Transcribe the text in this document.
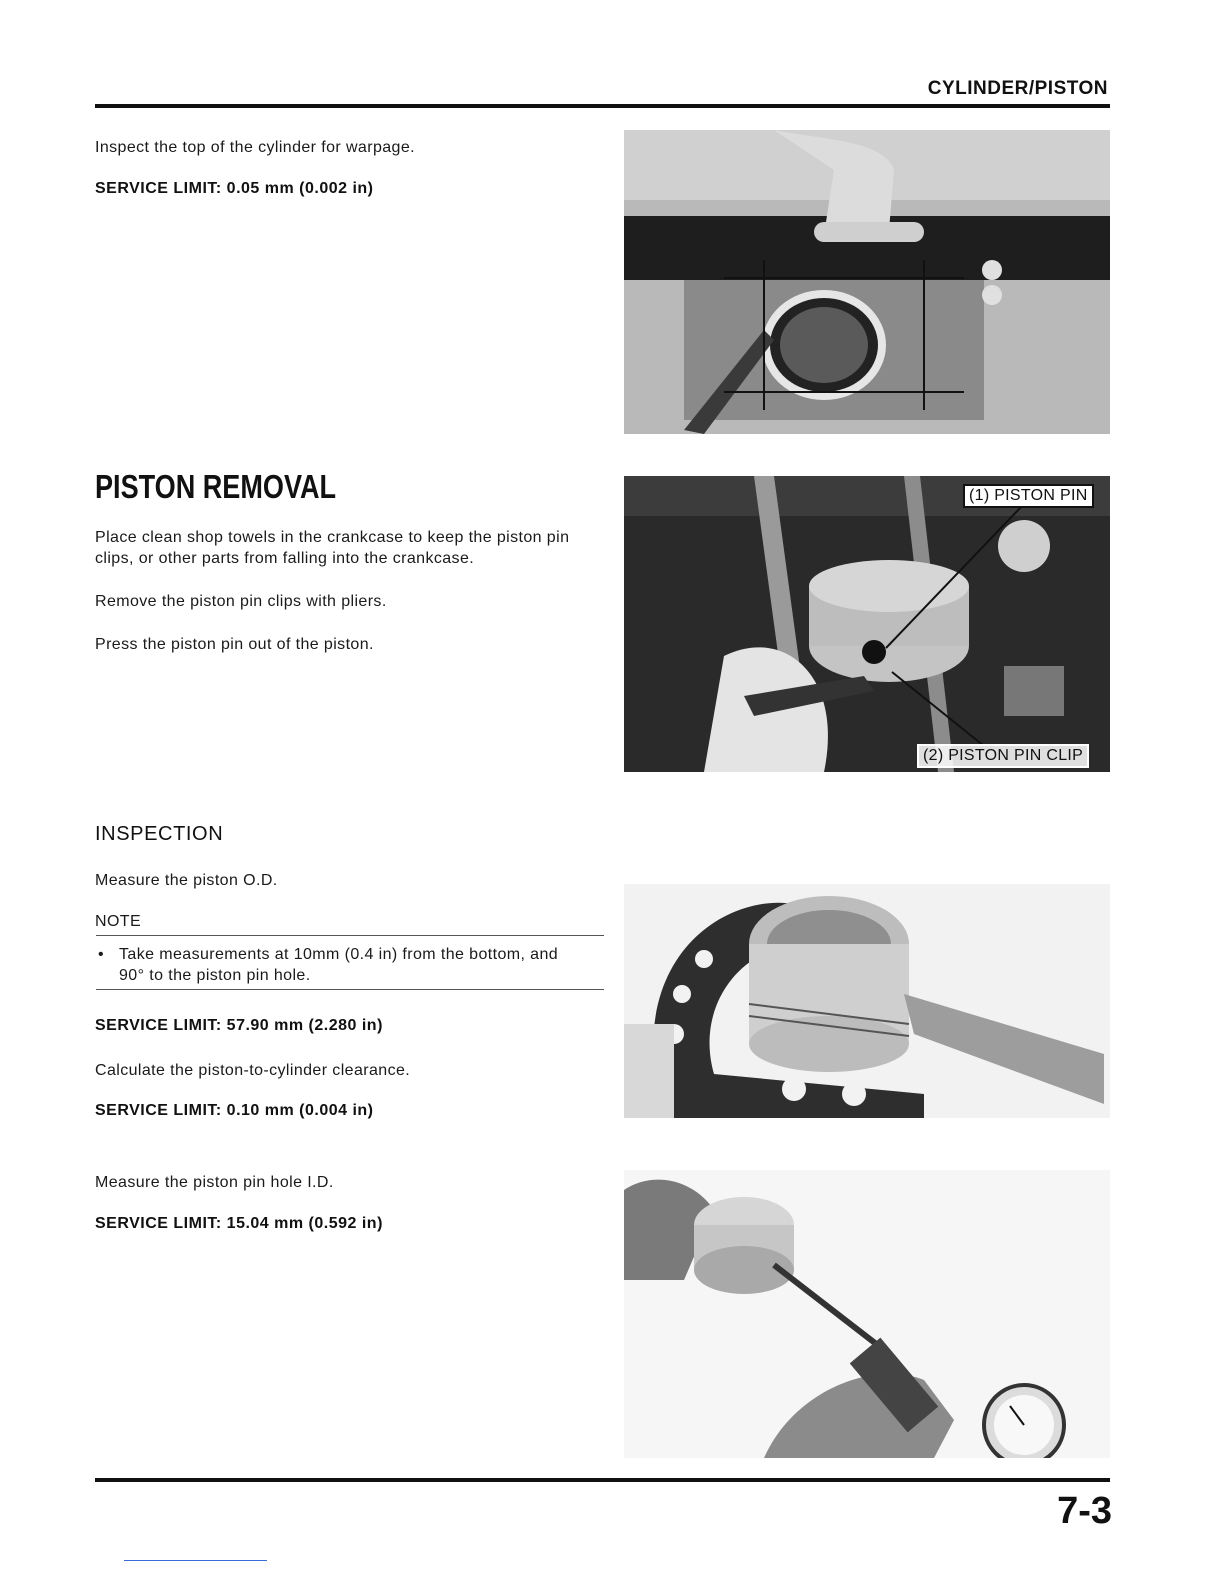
CYLINDER/PISTON
Inspect the top of the cylinder for warpage.
SERVICE LIMIT: 0.05 mm (0.002 in)
PISTON REMOVAL
Place clean shop towels in the crankcase to keep the piston pin
clips, or other parts from falling into the crankcase.
Remove the piston pin clips with pliers.
Press the piston pin out of the piston.
(1) PISTON PIN
(2) PISTON PIN CLIP
INSPECTION
Measure the piston O.D.
NOTE
• Take measurements at 10mm (0.4 in) from the bottom, and
90° to the piston pin hole.
SERVICE LIMIT: 57.90 mm (2.280 in)
Calculate the piston-to-cylinder clearance.
SERVICE LIMIT: 0.10 mm (0.004 in)
Measure the piston pin hole I.D.
SERVICE LIMIT: 15.04 mm (0.592 in)
7-3
